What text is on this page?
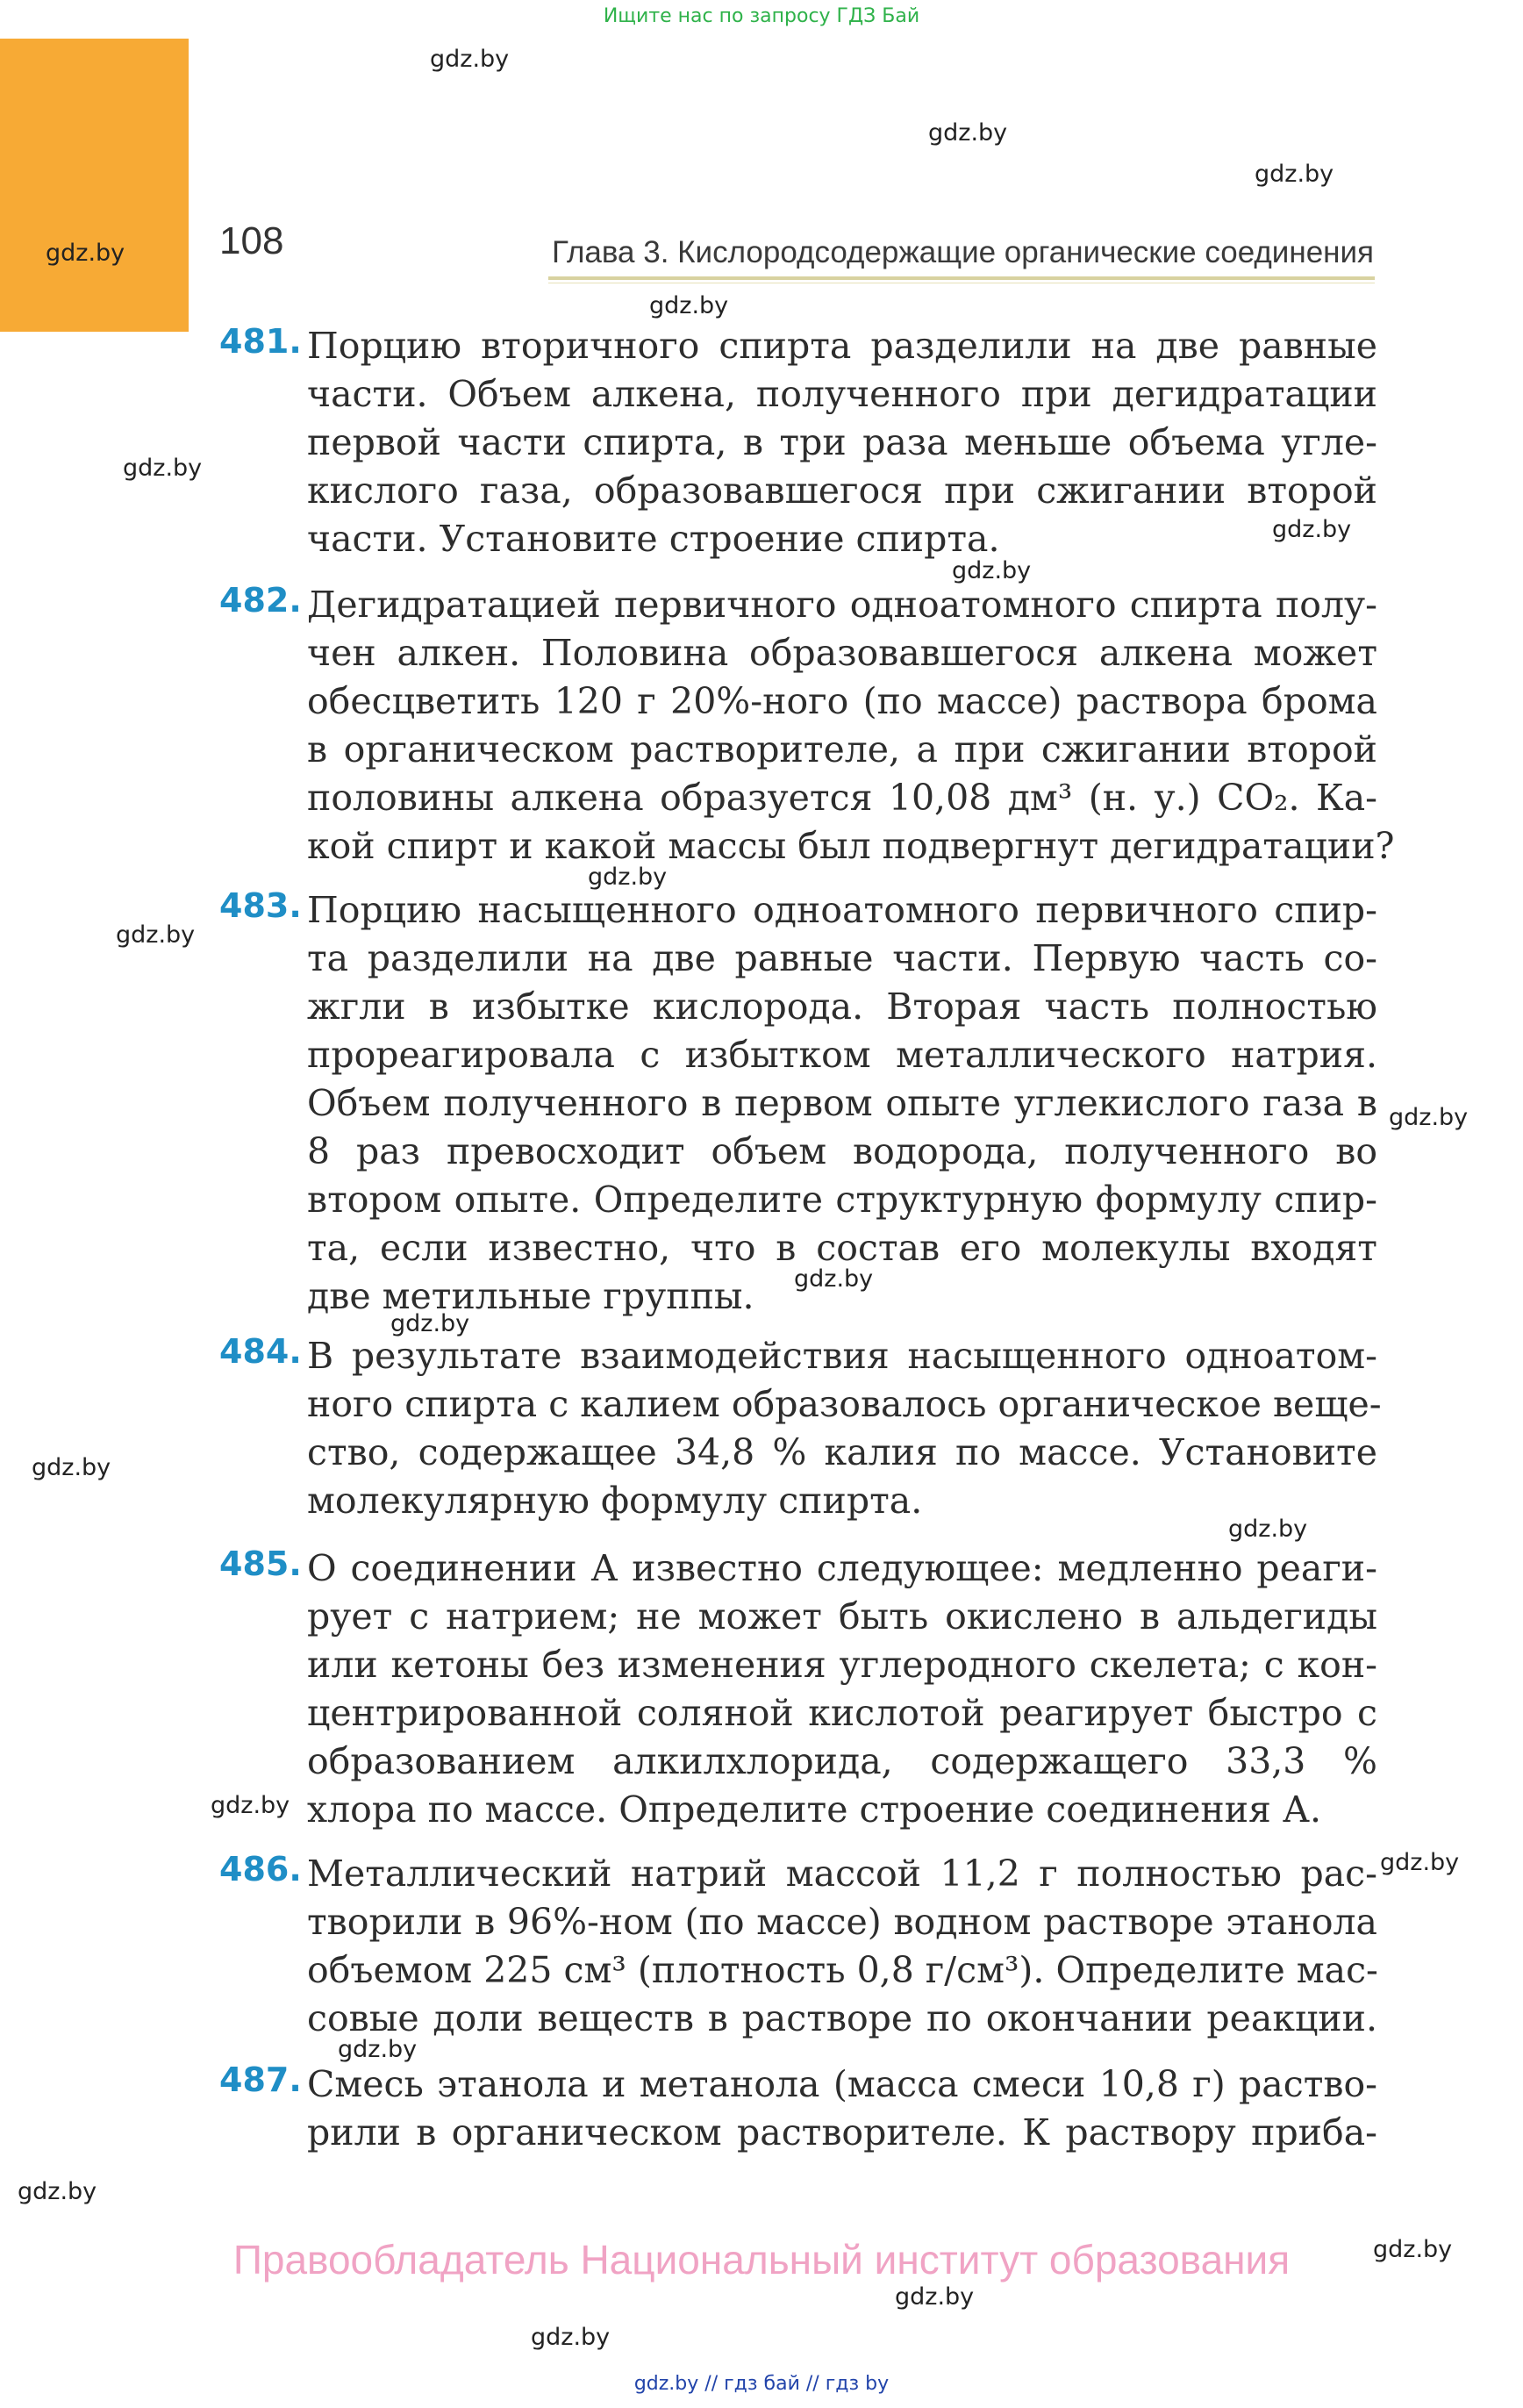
Ищите нас по запросу ГДЗ Бай
gdz.by
gdz.by
gdz.by
gdz.by
gdz.by
gdz.by
gdz.by
gdz.by
gdz.by
gdz.by
gdz.by
gdz.by
gdz.by
gdz.by
gdz.by
gdz.by
gdz.by
gdz.by
gdz.by
gdz.by
gdz.by
gdz.by
108	Глава 3. Кислородсодержащие органические соединения
481. Порцию вторичного спирта разделили на две равные
части. Объем алкена, полученного при дегидратации
первой части спирта, в три раза меньше объема угле-
кислого газа, образовавшегося при сжигании второй
части. Установите строение спирта.
482. Дегидратацией первичного одноатомного спирта полу-
чен алкен. Половина образовавшегося алкена может
обесцветить 120 г 20%-ного (по массе) раствора брома
в органическом растворителе, а при сжигании второй
половины алкена образуется 10,08 дм³ (н. у.) CO₂. Ка-
кой спирт и какой массы был подвергнут дегидратации?
483. Порцию насыщенного одноатомного первичного спир-
та разделили на две равные части. Первую часть со-
жгли в избытке кислорода. Вторая часть полностью
прореагировала с избытком металлического натрия.
Объем полученного в первом опыте углекислого газа в
8 раз превосходит объем водорода, полученного во
втором опыте. Определите структурную формулу спир-
та, если известно, что в состав его молекулы входят
две метильные группы.
484. В результате взаимодействия насыщенного одноатом-
ного спирта с калием образовалось органическое веще-
ство, содержащее 34,8 % калия по массе. Установите
молекулярную формулу спирта.
485. О соединении А известно следующее: медленно реаги-
рует с натрием; не может быть окислено в альдегиды
или кетоны без изменения углеродного скелета; с кон-
центрированной соляной кислотой реагирует быстро с
образованием алкилхлорида, содержащего 33,3 %
хлора по массе. Определите строение соединения А.
486. Металлический натрий массой 11,2 г полностью рас-
творили в 96%-ном (по массе) водном растворе этанола
объемом 225 см³ (плотность 0,8 г/см³). Определите мас-
совые доли веществ в растворе по окончании реакции.
487. Смесь этанола и метанола (масса смеси 10,8 г) раство-
рили в органическом растворителе. К раствору приба-
Правообладатель Национальный институт образования
gdz.by // гдз бай // гдз by
